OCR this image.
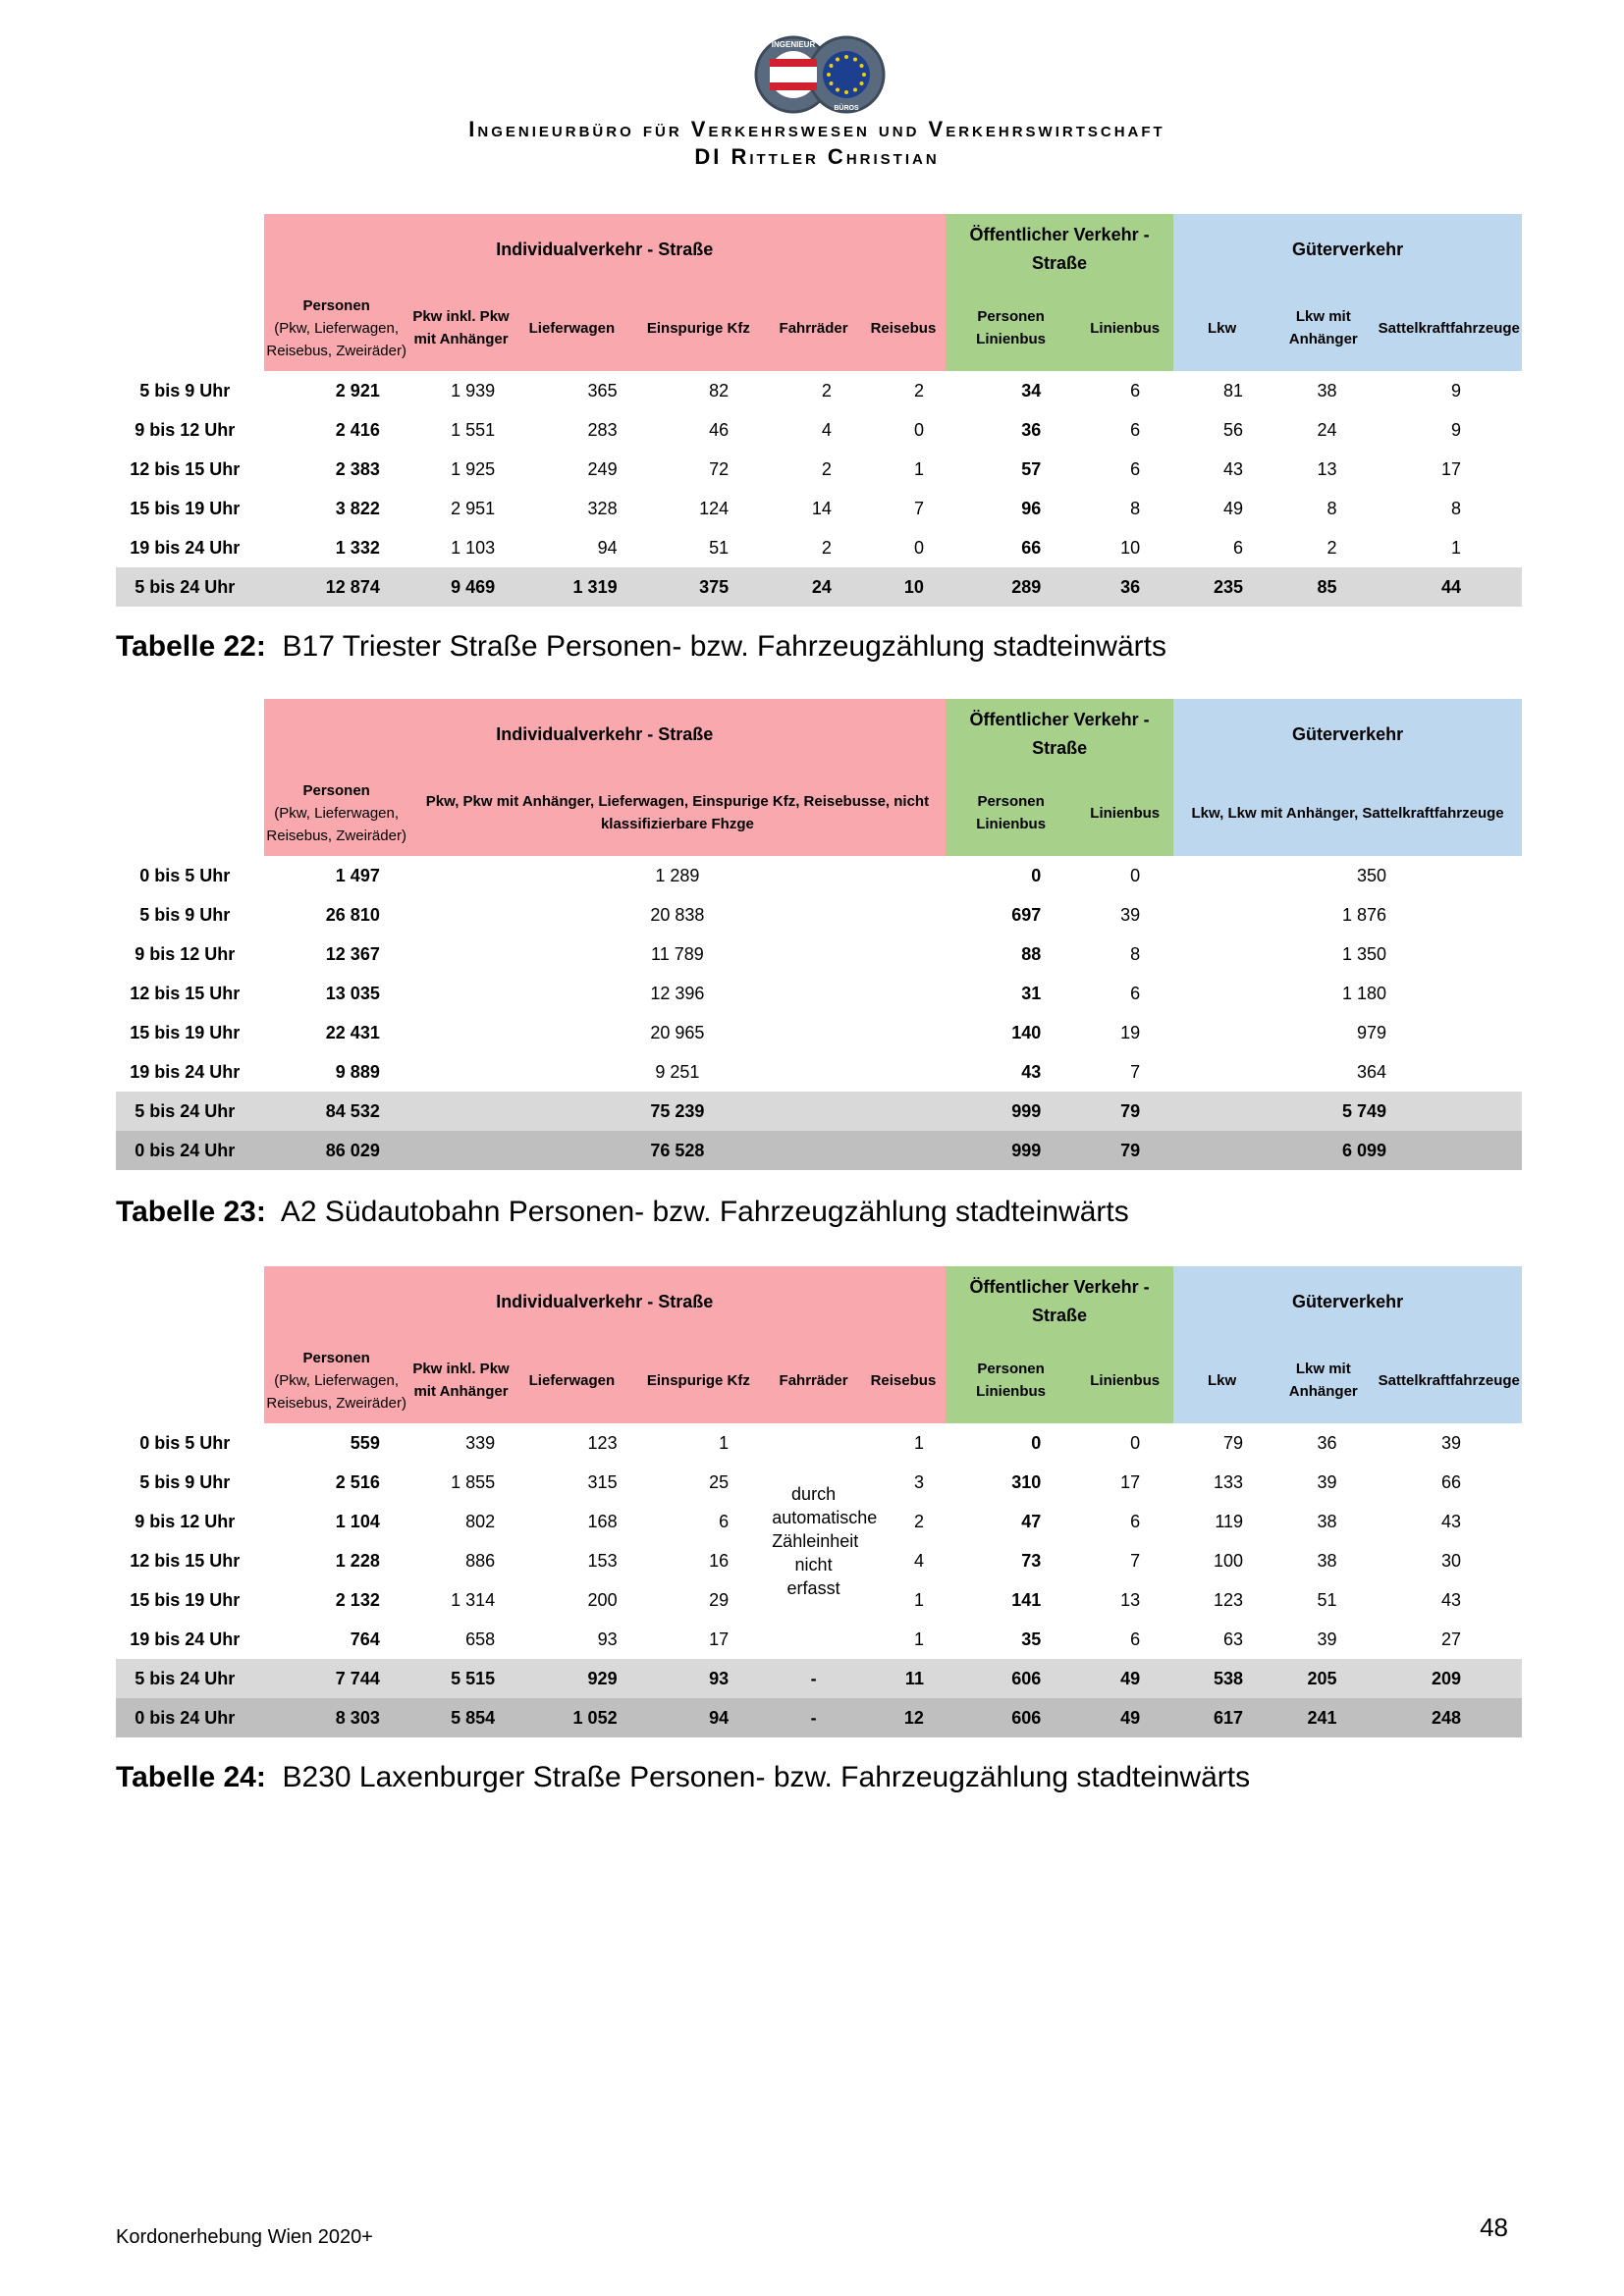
INGENIEUR
BÜROS
Ingenieurbüro für Verkehrswesen und Verkehrswirtschaft
DI Rittler Christian
	Individualverkehr - Straße						Öffentlicher Verkehr - Straße		Güterverkehr		

	Personen
(Pkw, Lieferwagen, Reisebus, Zweiräder)	Pkw inkl. Pkw mit Anhänger	Lieferwagen	Einspurige Kfz	Fahrräder	Reisebus	Personen Linienbus	Linienbus	Lkw	Lkw mit Anhänger	Sattelkraftfahrzeuge
5 bis 9 Uhr	2 921	1 939	365	82	2	2	34	6	81	38	9
9 bis 12 Uhr	2 416	1 551	283	46	4	0	36	6	56	24	9
12 bis 15 Uhr	2 383	1 925	249	72	2	1	57	6	43	13	17
15 bis 19 Uhr	3 822	2 951	328	124	14	7	96	8	49	8	8
19 bis 24 Uhr	1 332	1 103	94	51	2	0	66	10	6	2	1
5 bis 24 Uhr	12 874	9 469	1 319	375	24	10	289	36	235	85	44
Tabelle 22: B17 Triester Straße Personen- bzw. Fahrzeugzählung stadteinwärts
	Individualverkehr - Straße		Öffentlicher Verkehr - Straße		Güterverkehr

	Personen
(Pkw, Lieferwagen, Reisebus, Zweiräder)	Pkw, Pkw mit Anhänger, Lieferwagen, Einspurige Kfz, Reisebusse, nicht klassifizierbare Fhzge	Personen Linienbus	Linienbus	Lkw, Lkw mit Anhänger, Sattelkraftfahrzeuge
0 bis 5 Uhr	1 497	1 289	0	0	350
5 bis 9 Uhr	26 810	20 838	697	39	1 876
9 bis 12 Uhr	12 367	11 789	88	8	1 350
12 bis 15 Uhr	13 035	12 396	31	6	1 180
15 bis 19 Uhr	22 431	20 965	140	19	979
19 bis 24 Uhr	9 889	9 251	43	7	364
5 bis 24 Uhr	84 532	75 239	999	79	5 749
0 bis 24 Uhr	86 029	76 528	999	79	6 099
Tabelle 23: A2 Südautobahn Personen- bzw. Fahrzeugzählung stadteinwärts
	Individualverkehr - Straße						Öffentlicher Verkehr - Straße		Güterverkehr		

	Personen
(Pkw, Lieferwagen, Reisebus, Zweiräder)	Pkw inkl. Pkw mit Anhänger	Lieferwagen	Einspurige Kfz	Fahrräder	Reisebus	Personen Linienbus	Linienbus	Lkw	Lkw mit Anhänger	Sattelkraftfahrzeuge
0 bis 5 Uhr	559	339	123	1	durch automatische Zähleinheit nicht erfasst	1	0	0	79	36	39
5 bis 9 Uhr	2 516	1 855	315	25		3	310	17	133	39	66
9 bis 12 Uhr	1 104	802	168	6		2	47	6	119	38	43
12 bis 15 Uhr	1 228	886	153	16		4	73	7	100	38	30
15 bis 19 Uhr	2 132	1 314	200	29		1	141	13	123	51	43
19 bis 24 Uhr	764	658	93	17		1	35	6	63	39	27
5 bis 24 Uhr	7 744	5 515	929	93	-	11	606	49	538	205	209
0 bis 24 Uhr	8 303	5 854	1 052	94	-	12	606	49	617	241	248
Tabelle 24: B230 Laxenburger Straße Personen- bzw. Fahrzeugzählung stadteinwärts
Kordonerhebung Wien 2020+	48
